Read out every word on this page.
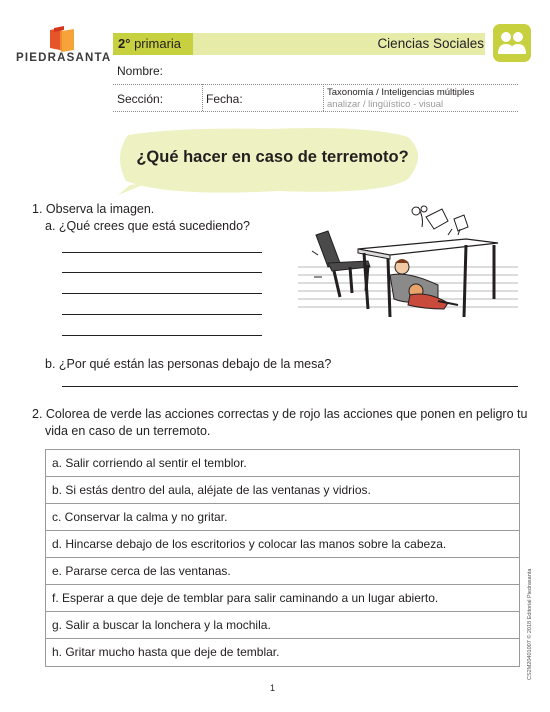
PIEDRASANTA
2° primaria	Ciencias Sociales
Nombre:
Sección:	Fecha:	Taxonomía / Inteligencias múltiples
analizar / lingüístico - visual
¿Qué hacer en caso de terremoto?
1. Observa la imagen.
a. ¿Qué crees que está sucediendo?
b. ¿Por qué están las personas debajo de la mesa?
2. Colorea de verde las acciones correctas y de rojo las acciones que ponen en peligro tu
vida en caso de un terremoto.
a. Salir corriendo al sentir el temblor.
b. Si estás dentro del aula, aléjate de las ventanas y vidrios.
c. Conservar la calma y no gritar.
d. Hincarse debajo de los escritorios y colocar las manos sobre la cabeza.
e. Pararse cerca de las ventanas.
f. Esperar a que deje de temblar para salir caminando a un lugar abierto.
g. Salir a buscar la lonchera y la mochila.
h. Gritar mucho hasta que deje de temblar.	CS2M20401007 © 2018 Editorial Piedrasanta
1
